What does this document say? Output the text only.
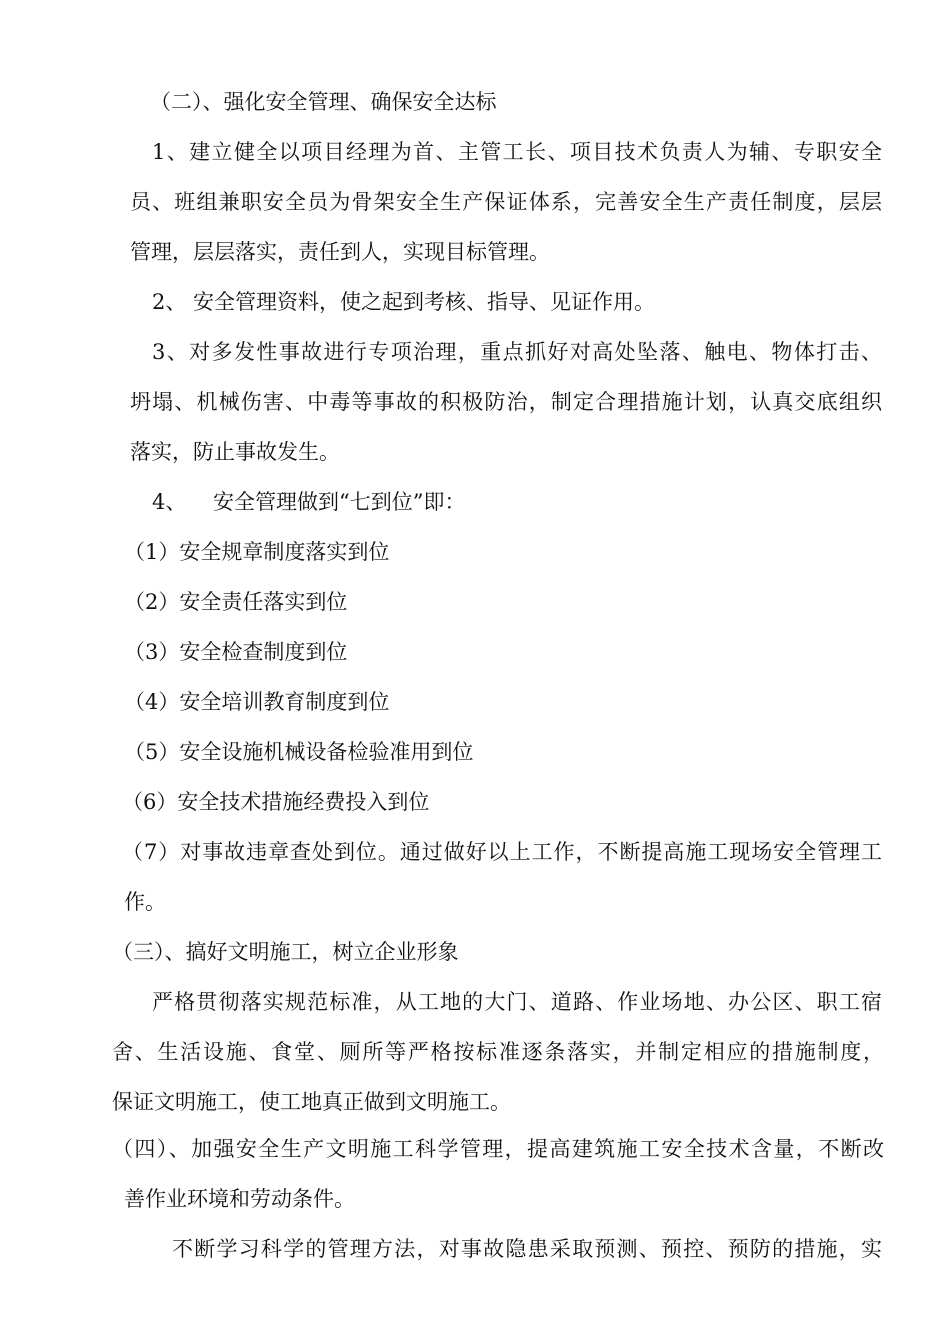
（二）、强化安全管理、确保安全达标
1、建立健全以项目经理为首、主管工长、项目技术负责人为辅、专职安全
员、班组兼职安全员为骨架安全生产保证体系，完善安全生产责任制度，层层
管理，层层落实，责任到人，实现目标管理。
2、 安全管理资料，使之起到考核、指导、见证作用。
3、对多发性事故进行专项治理，重点抓好对高处坠落、触电、物体打击、
坍塌、机械伤害、中毒等事故的积极防治，制定合理措施计划，认真交底组织
落实，防止事故发生。
4、    安全管理做到“七到位”即：
（1）安全规章制度落实到位
（2）安全责任落实到位
（3）安全检查制度到位
（4）安全培训教育制度到位
（5）安全设施机械设备检验准用到位
（6）安全技术措施经费投入到位
（7）对事故违章查处到位。通过做好以上工作，不断提高施工现场安全管理工
作。
（三）、搞好文明施工，树立企业形象
严格贯彻落实规范标准，从工地的大门、道路、作业场地、办公区、职工宿
舍、生活设施、食堂、厕所等严格按标准逐条落实，并制定相应的措施制度，
保证文明施工，使工地真正做到文明施工。
（四）、加强安全生产文明施工科学管理，提高建筑施工安全技术含量，不断改
善作业环境和劳动条件。
不断学习科学的管理方法，对事故隐患采取预测、预控、预防的措施，实
